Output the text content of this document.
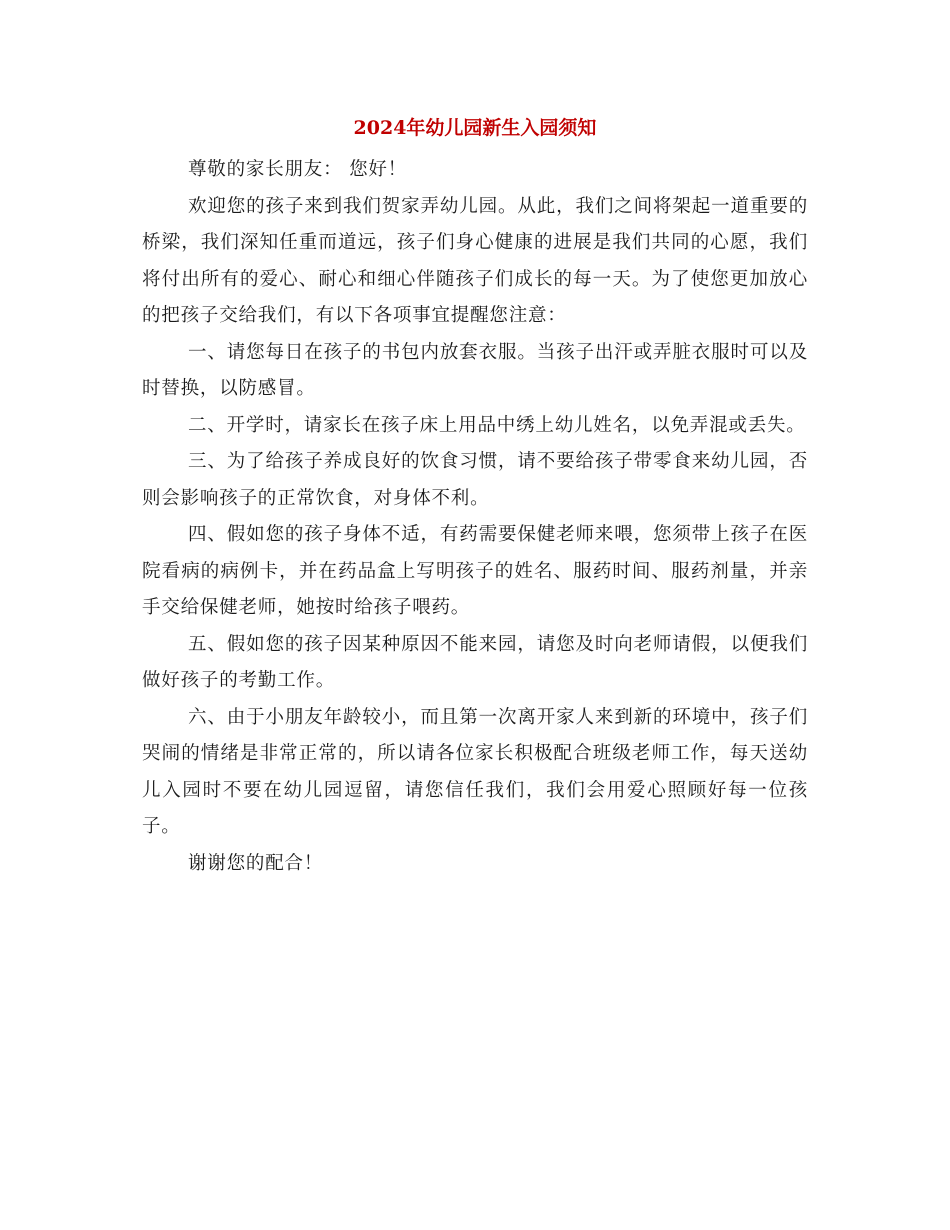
2024年幼儿园新生入园须知

尊敬的家长朋友： 您好！

欢迎您的孩子来到我们贺家弄幼儿园。从此，我们之间将架起一道重要的桥梁，我们深知任重而道远，孩子们身心健康的进展是我们共同的心愿，我们将付出所有的爱心、耐心和细心伴随孩子们成长的每一天。为了使您更加放心的把孩子交给我们，有以下各项事宜提醒您注意：

一、请您每日在孩子的书包内放套衣服。当孩子出汗或弄脏衣服时可以及时替换，以防感冒。

二、开学时，请家长在孩子床上用品中绣上幼儿姓名，以免弄混或丢失。

三、为了给孩子养成良好的饮食习惯，请不要给孩子带零食来幼儿园，否则会影响孩子的正常饮食，对身体不利。

四、假如您的孩子身体不适，有药需要保健老师来喂，您须带上孩子在医院看病的病例卡，并在药品盒上写明孩子的姓名、服药时间、服药剂量，并亲手交给保健老师，她按时给孩子喂药。

五、假如您的孩子因某种原因不能来园，请您及时向老师请假，以便我们做好孩子的考勤工作。

六、由于小朋友年龄较小，而且第一次离开家人来到新的环境中，孩子们哭闹的情绪是非常正常的，所以请各位家长积极配合班级老师工作，每天送幼儿入园时不要在幼儿园逗留，请您信任我们，我们会用爱心照顾好每一位孩子。

谢谢您的配合！
